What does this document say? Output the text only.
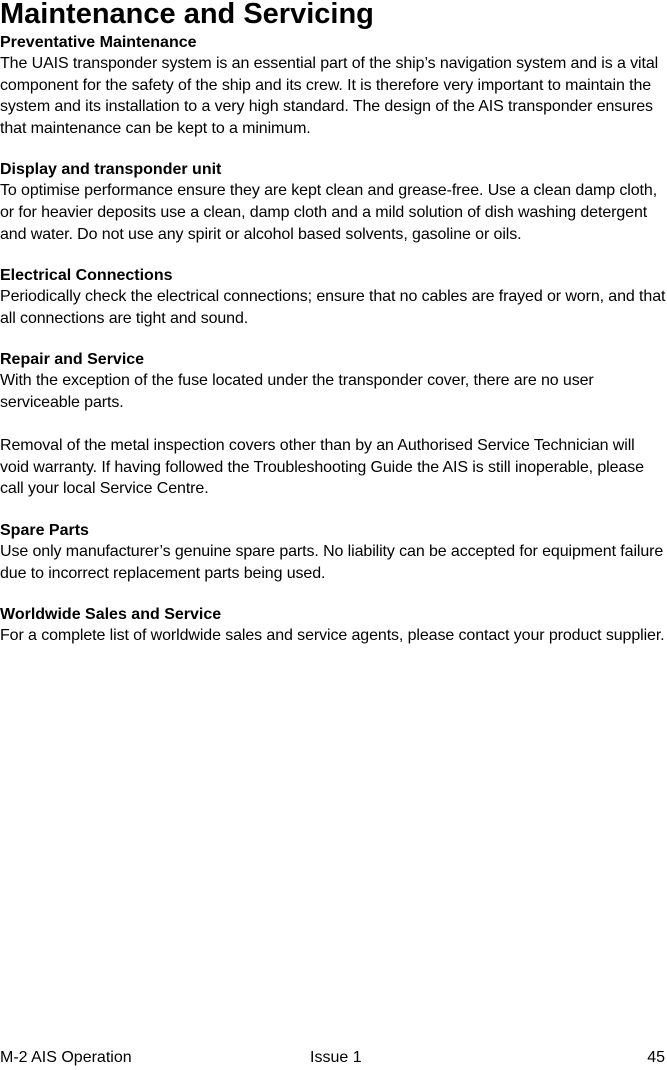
Maintenance and Servicing
Preventative Maintenance

The UAIS transponder system is an essential part of the ship’s navigation system and is a vital component for the safety of the ship and its crew. It is therefore very important to maintain the system and its installation to a very high standard. The design of the AIS transponder ensures that maintenance can be kept to a minimum.

Display and transponder unit

To optimise performance ensure they are kept clean and grease-free. Use a clean damp cloth, or for heavier deposits use a clean, damp cloth and a mild solution of dish washing detergent and water. Do not use any spirit or alcohol based solvents, gasoline or oils.

Electrical Connections

Periodically check the electrical connections; ensure that no cables are frayed or worn, and that all connections are tight and sound.

Repair and Service

With the exception of the fuse located under the transponder cover, there are no user serviceable parts.

Removal of the metal inspection covers other than by an Authorised Service Technician will void warranty. If having followed the Troubleshooting Guide the AIS is still inoperable, please call your local Service Centre.

Spare Parts

Use only manufacturer’s genuine spare parts. No liability can be accepted for equipment failure due to incorrect replacement parts being used.

Worldwide Sales and Service

For a complete list of worldwide sales and service agents, please contact your product supplier.

M-2 AIS Operation	Issue 1	45
